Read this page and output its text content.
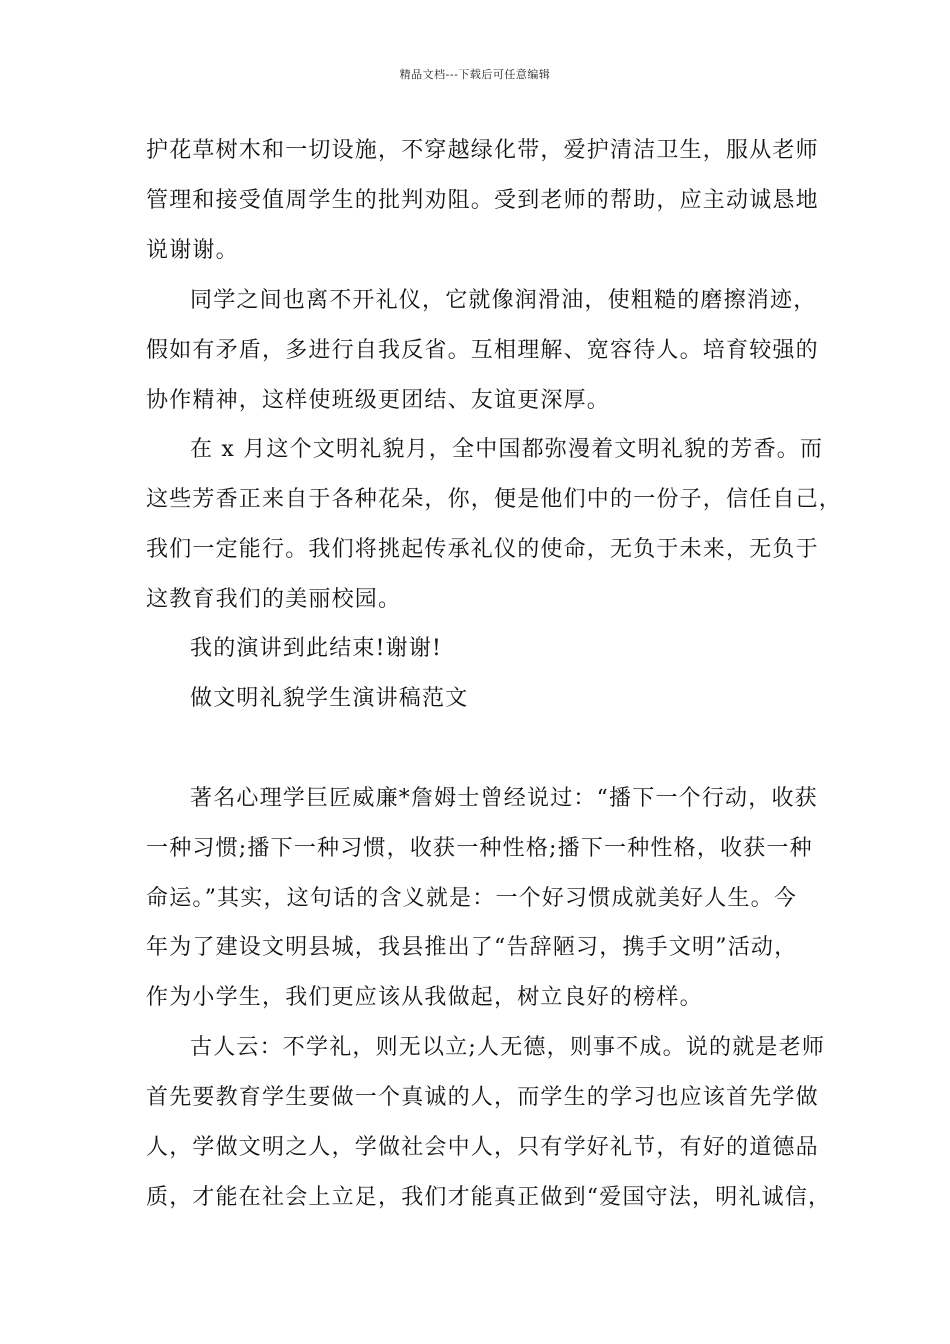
精品文档---下载后可任意编辑
护花草树木和一切设施，不穿越绿化带，爱护清洁卫生，服从老师
管理和接受值周学生的批判劝阻。受到老师的帮助，应主动诚恳地
说谢谢。
同学之间也离不开礼仪，它就像润滑油，使粗糙的磨擦消迹，
假如有矛盾，多进行自我反省。互相理解、宽容待人。培育较强的
协作精神，这样使班级更团结、友谊更深厚。
在 x 月这个文明礼貌月，全中国都弥漫着文明礼貌的芳香。而
这些芳香正来自于各种花朵，你，便是他们中的一份子，信任自己，
我们一定能行。我们将挑起传承礼仪的使命，无负于未来，无负于
这教育我们的美丽校园。
我的演讲到此结束!谢谢!
做文明礼貌学生演讲稿范文
著名心理学巨匠威廉*詹姆士曾经说过：“播下一个行动，收获
一种习惯;播下一种习惯，收获一种性格;播下一种性格，收获一种
命运。”其实，这句话的含义就是：一个好习惯成就美好人生。今
年为了建设文明县城，我县推出了“告辞陋习，携手文明”活动，
作为小学生，我们更应该从我做起，树立良好的榜样。
古人云：不学礼，则无以立;人无德，则事不成。说的就是老师
首先要教育学生要做一个真诚的人，而学生的学习也应该首先学做
人，学做文明之人，学做社会中人，只有学好礼节，有好的道德品
质，才能在社会上立足，我们才能真正做到“爱国守法，明礼诚信，
